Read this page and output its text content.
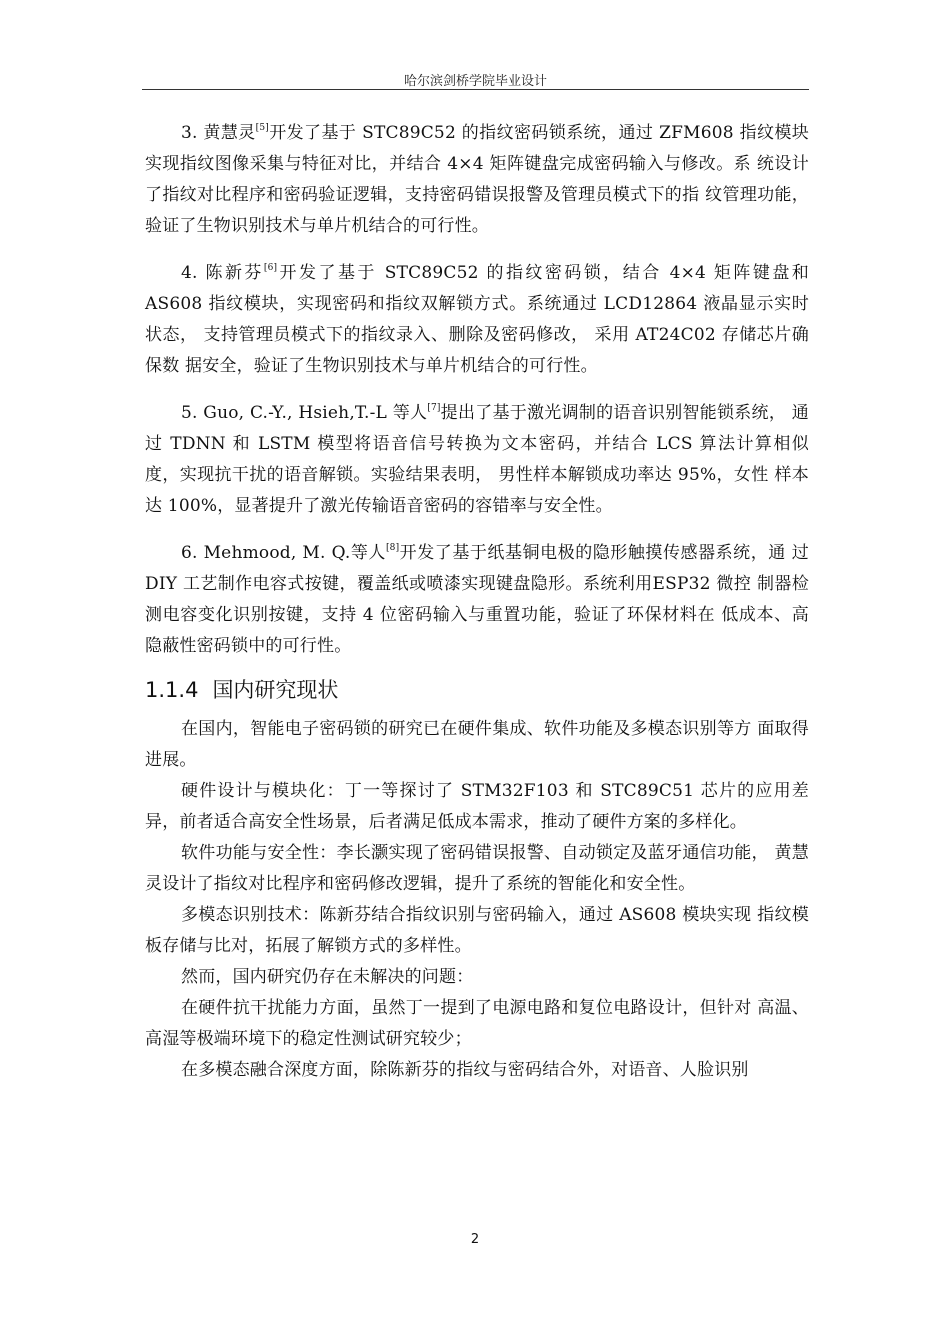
哈尔滨剑桥学院毕业设计

3. 黄慧灵[5]开发了基于 STC89C52 的指纹密码锁系统，通过 ZFM608 指纹模块 实现指纹图像采集与特征对比，并结合 4×4 矩阵键盘完成密码输入与修改。系 统设计了指纹对比程序和密码验证逻辑，支持密码错误报警及管理员模式下的指 纹管理功能，验证了生物识别技术与单片机结合的可行性。

4. 陈新芬[6]开发了基于 STC89C52 的指纹密码锁，结合 4×4 矩阵键盘和 AS608 指纹模块，实现密码和指纹双解锁方式。系统通过 LCD12864 液晶显示实时状态， 支持管理员模式下的指纹录入、删除及密码修改， 采用 AT24C02 存储芯片确保数 据安全，验证了生物识别技术与单片机结合的可行性。

5. Guo, C.-Y., Hsieh,T.-L 等人[7]提出了基于激光调制的语音识别智能锁系统， 通过 TDNN 和 LSTM 模型将语音信号转换为文本密码，并结合 LCS 算法计算相似 度，实现抗干扰的语音解锁。实验结果表明， 男性样本解锁成功率达 95%，女性 样本达 100%，显著提升了激光传输语音密码的容错率与安全性。

6. Mehmood, M. Q.等人[8]开发了基于纸基铜电极的隐形触摸传感器系统，通 过 DIY 工艺制作电容式按键，覆盖纸或喷漆实现键盘隐形。系统利用ESP32 微控 制器检测电容变化识别按键，支持 4 位密码输入与重置功能，验证了环保材料在 低成本、高隐蔽性密码锁中的可行性。

1.1.4 国内研究现状

在国内，智能电子密码锁的研究已在硬件集成、软件功能及多模态识别等方 面取得进展。

硬件设计与模块化：丁一等探讨了 STM32F103 和 STC89C51 芯片的应用差 异，前者适合高安全性场景，后者满足低成本需求，推动了硬件方案的多样化。

软件功能与安全性：李长灏实现了密码错误报警、自动锁定及蓝牙通信功能， 黄慧灵设计了指纹对比程序和密码修改逻辑，提升了系统的智能化和安全性。

多模态识别技术：陈新芬结合指纹识别与密码输入，通过 AS608 模块实现 指纹模板存储与比对，拓展了解锁方式的多样性。

然而，国内研究仍存在未解决的问题：

在硬件抗干扰能力方面，虽然丁一提到了电源电路和复位电路设计，但针对 高温、高湿等极端环境下的稳定性测试研究较少；

在多模态融合深度方面，除陈新芬的指纹与密码结合外，对语音、人脸识别

2
